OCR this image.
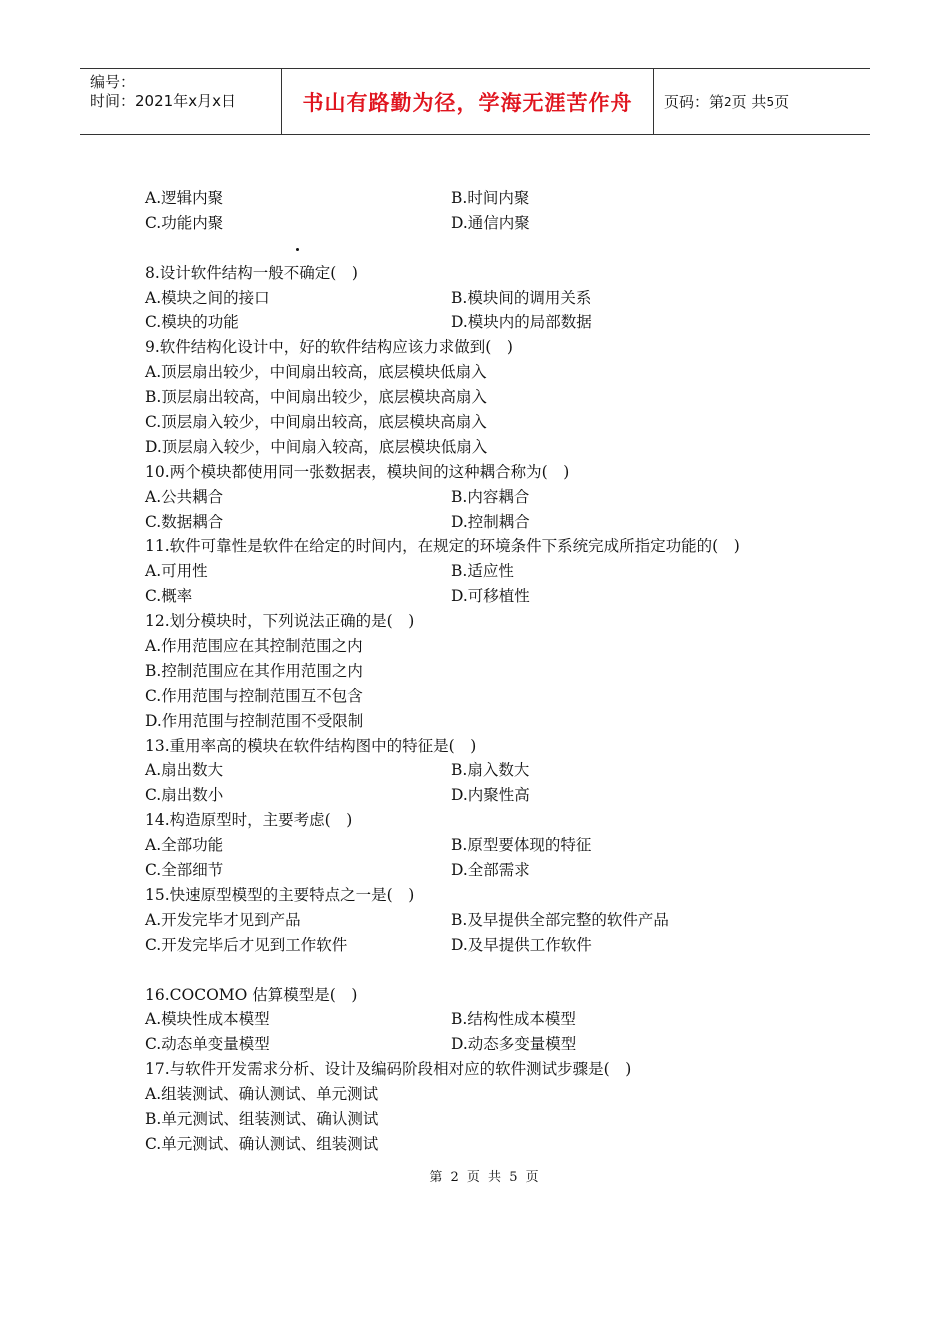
编号：
时间：2021年x月x日	书山有路勤为径，学海无涯苦作舟 页码：第 2 页 共 5 页
A.逻辑内聚	B.时间内聚
C.功能内聚	D.通信内聚
8.设计软件结构一般不确定(　)
A.模块之间的接口	B.模块间的调用关系
C.模块的功能	D.模块内的局部数据
9.软件结构化设计中，好的软件结构应该力求做到(　)
A.顶层扇出较少，中间扇出较高，底层模块低扇入
B.顶层扇出较高，中间扇出较少，底层模块高扇入
C.顶层扇入较少，中间扇出较高，底层模块高扇入
D.顶层扇入较少，中间扇入较高，底层模块低扇入
10.两个模块都使用同一张数据表，模块间的这种耦合称为(　)
A.公共耦合	B.内容耦合
C.数据耦合	D.控制耦合
11.软件可靠性是软件在给定的时间内，在规定的环境条件下系统完成所指定功能的(　)
A.可用性	B.适应性
C.概率	D.可移植性
12.划分模块时，下列说法正确的是(　)
A.作用范围应在其控制范围之内
B.控制范围应在其作用范围之内
C.作用范围与控制范围互不包含
D.作用范围与控制范围不受限制
13.重用率高的模块在软件结构图中的特征是(　)
A.扇出数大	B.扇入数大
C.扇出数小	D.内聚性高
14.构造原型时，主要考虑(　)
A.全部功能	B.原型要体现的特征
C.全部细节	D.全部需求
15.快速原型模型的主要特点之一是(　)
A.开发完毕才见到产品	B.及早提供全部完整的软件产品
C.开发完毕后才见到工作软件	D.及早提供工作软件
16.COCOMO 估算模型是(　)
A.模块性成本模型	B.结构性成本模型
C.动态单变量模型	D.动态多变量模型
17.与软件开发需求分析、设计及编码阶段相对应的软件测试步骤是(　)
A.组装测试、确认测试、单元测试
B.单元测试、组装测试、确认测试
C.单元测试、确认测试、组装测试
第 2 页 共 5 页
